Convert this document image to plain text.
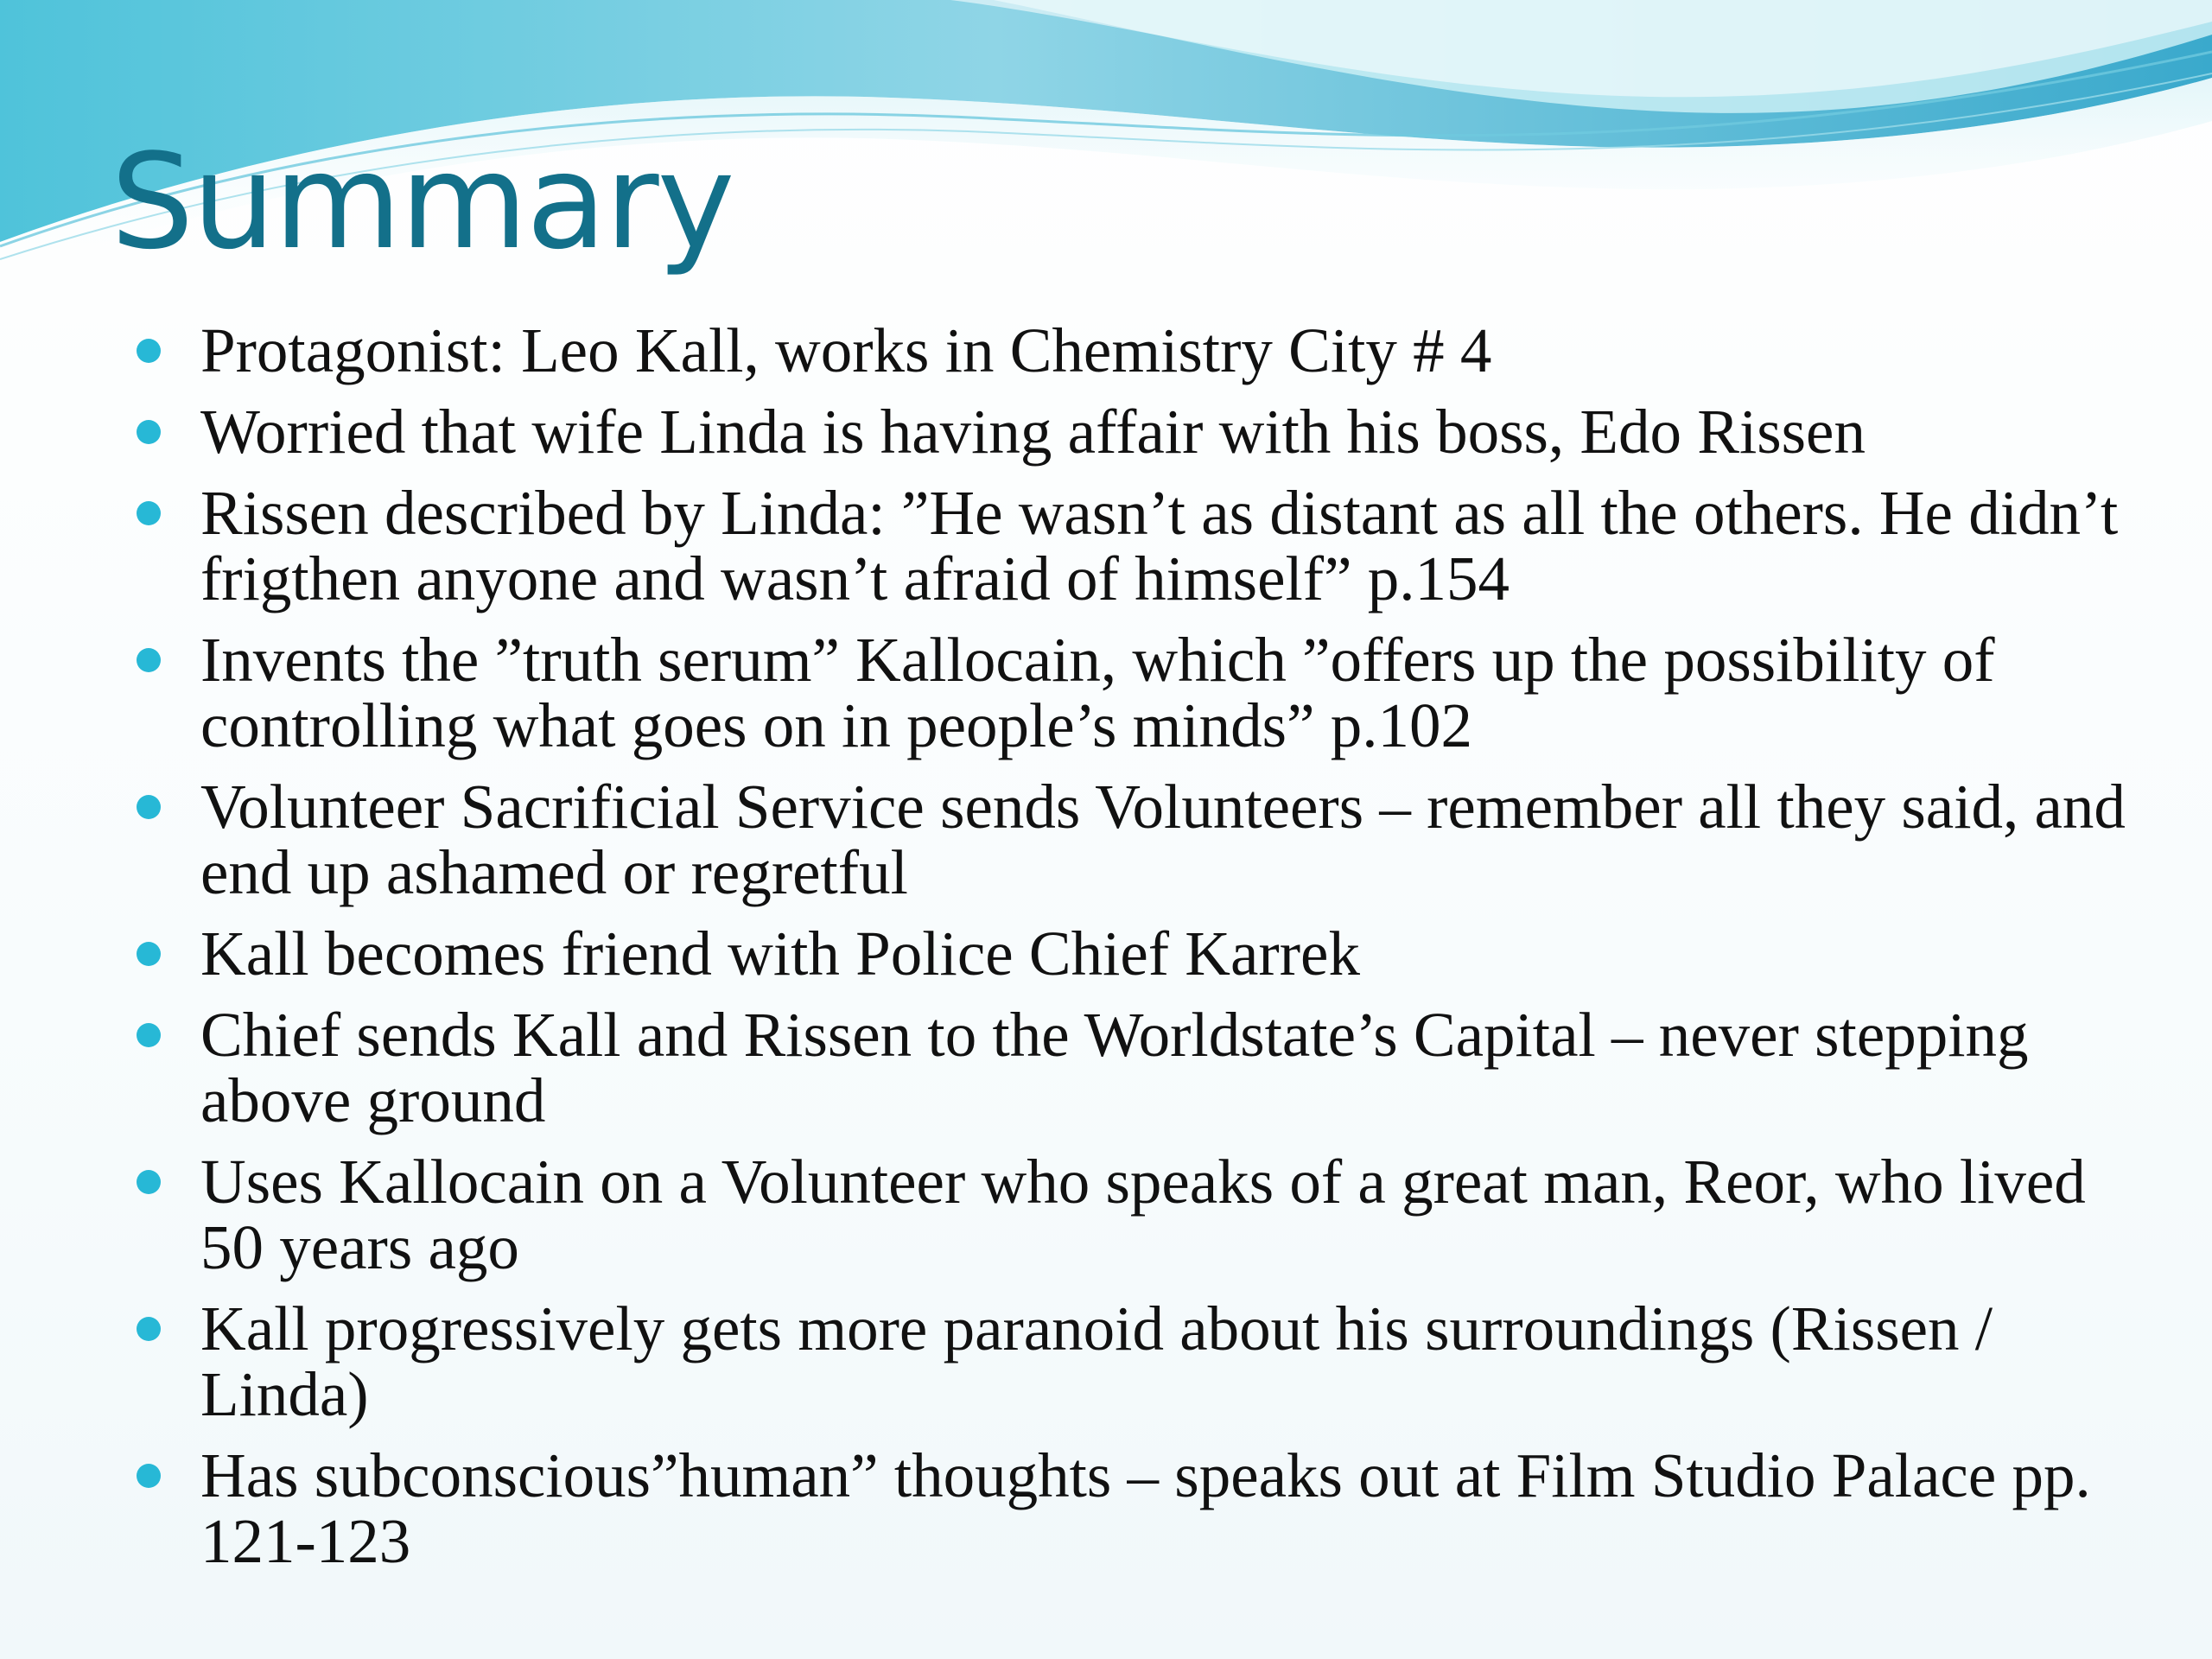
Summary
Protagonist: Leo Kall, works in Chemistry City # 4
Worried that wife Linda is having affair with his boss, Edo Rissen
Rissen described by Linda: ”He wasn’t as distant as all the others. He didn’t frigthen anyone and wasn’t afraid of himself” p.154
Invents the ”truth serum” Kallocain, which ”offers up the possibility of controlling what goes on in people’s minds” p.102
Volunteer Sacrificial Service sends Volunteers – remember all they said, and end up ashamed or regretful
Kall becomes friend with Police Chief Karrek
Chief sends Kall and Rissen to the Worldstate’s Capital – never stepping above ground
Uses Kallocain on a Volunteer who speaks of a great man, Reor, who lived 50 years ago
Kall progressively gets more paranoid about his surroundings (Rissen / Linda)
Has subconscious”human” thoughts – speaks out at Film Studio Palace pp. 121-123
